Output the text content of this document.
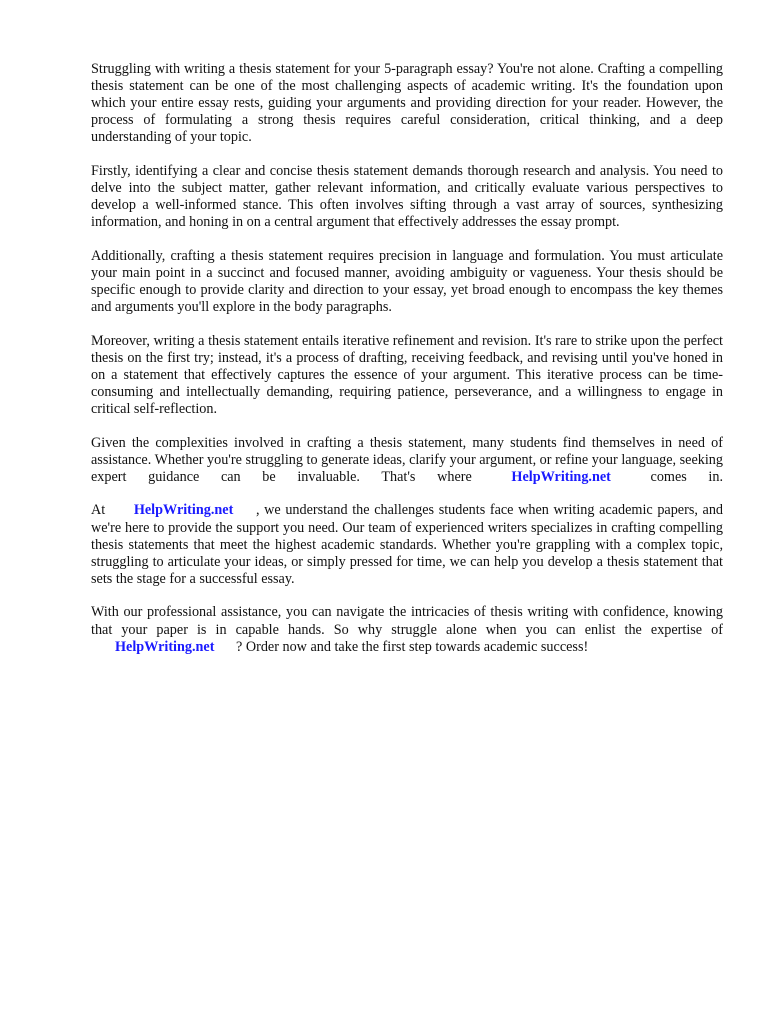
Struggling with writing a thesis statement for your 5-paragraph essay? You're not alone. Crafting a compelling thesis statement can be one of the most challenging aspects of academic writing. It's the foundation upon which your entire essay rests, guiding your arguments and providing direction for your reader. However, the process of formulating a strong thesis requires careful consideration, critical thinking, and a deep understanding of your topic.

Firstly, identifying a clear and concise thesis statement demands thorough research and analysis. You need to delve into the subject matter, gather relevant information, and critically evaluate various perspectives to develop a well-informed stance. This often involves sifting through a vast array of sources, synthesizing information, and honing in on a central argument that effectively addresses the essay prompt.

Additionally, crafting a thesis statement requires precision in language and formulation. You must articulate your main point in a succinct and focused manner, avoiding ambiguity or vagueness. Your thesis should be specific enough to provide clarity and direction to your essay, yet broad enough to encompass the key themes and arguments you'll explore in the body paragraphs.

Moreover, writing a thesis statement entails iterative refinement and revision. It's rare to strike upon the perfect thesis on the first try; instead, it's a process of drafting, receiving feedback, and revising until you've honed in on a statement that effectively captures the essence of your argument. This iterative process can be time-consuming and intellectually demanding, requiring patience, perseverance, and a willingness to engage in critical self-reflection.

Given the complexities involved in crafting a thesis statement, many students find themselves in need of assistance. Whether you're struggling to generate ideas, clarify your argument, or refine your language, seeking expert guidance can be invaluable. That's where	HelpWriting.net	comes in.

At HelpWriting.net , we understand the challenges students face when writing academic papers, and we're here to provide the support you need. Our team of experienced writers specializes in crafting compelling thesis statements that meet the highest academic standards. Whether you're grappling with a complex topic, struggling to articulate your ideas, or simply pressed for time, we can help you develop a thesis statement that sets the stage for a successful essay.

With our professional assistance, you can navigate the intricacies of thesis writing with confidence, knowing that your paper is in capable hands. So why struggle alone when you can enlist the expertise of HelpWriting.net ? Order now and take the first step towards academic success!
